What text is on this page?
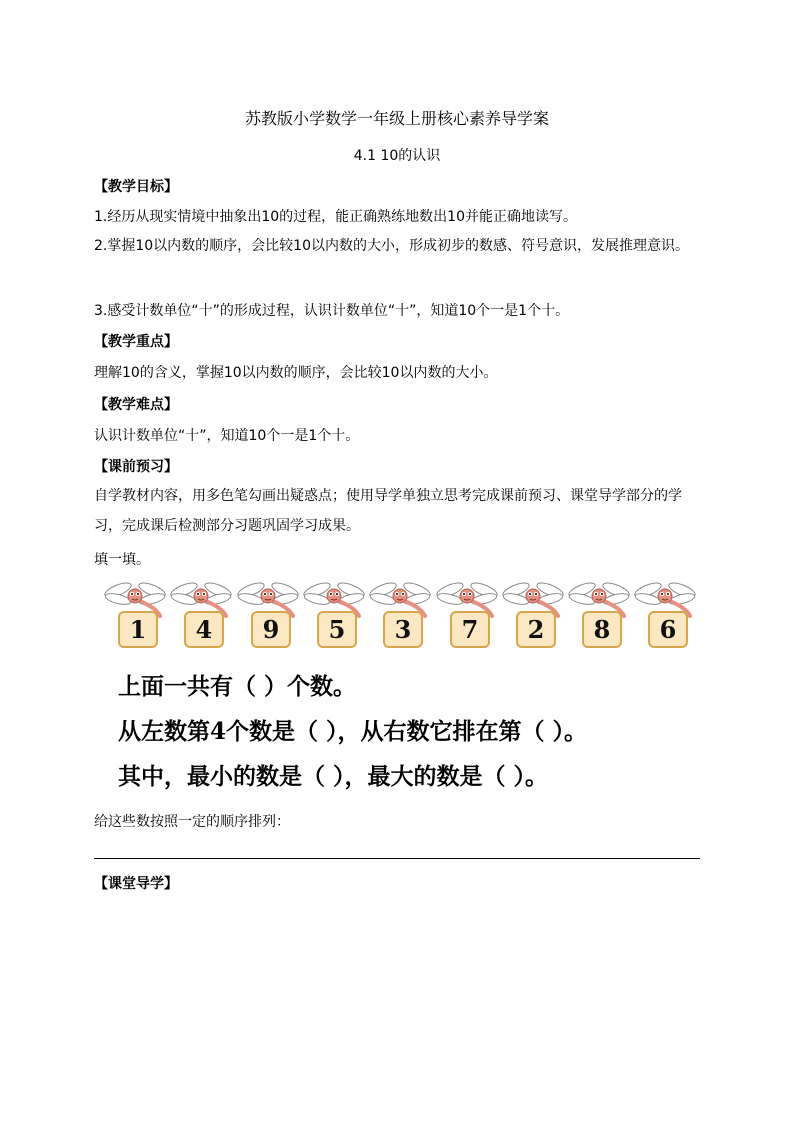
苏教版小学数学一年级上册核心素养导学案
4.1 10的认识
【教学目标】
1.经历从现实情境中抽象出10的过程，能正确熟练地数出10并能正确地读写。
2.掌握10以内数的顺序，会比较10以内数的大小，形成初步的数感、符号意识，发展推理意识。
3.感受计数单位“十”的形成过程，认识计数单位“十”，知道10个一是1个十。
【教学重点】
理解10的含义，掌握10以内数的顺序，会比较10以内数的大小。
【教学难点】
认识计数单位“十”，知道10个一是1个十。
【课前预习】
自学教材内容，用多色笔勾画出疑惑点；使用导学单独立思考完成课前预习、课堂导学部分的学习，完成课后检测部分习题巩固学习成果。
填一填。
1	4	9	5	3	7	2	8	6
上面一共有（ ）个数。
从左数第4个数是（ ），从右数它排在第（ ）。
其中，最小的数是（ ），最大的数是（ ）。
给这些数按照一定的顺序排列：
【课堂导学】
